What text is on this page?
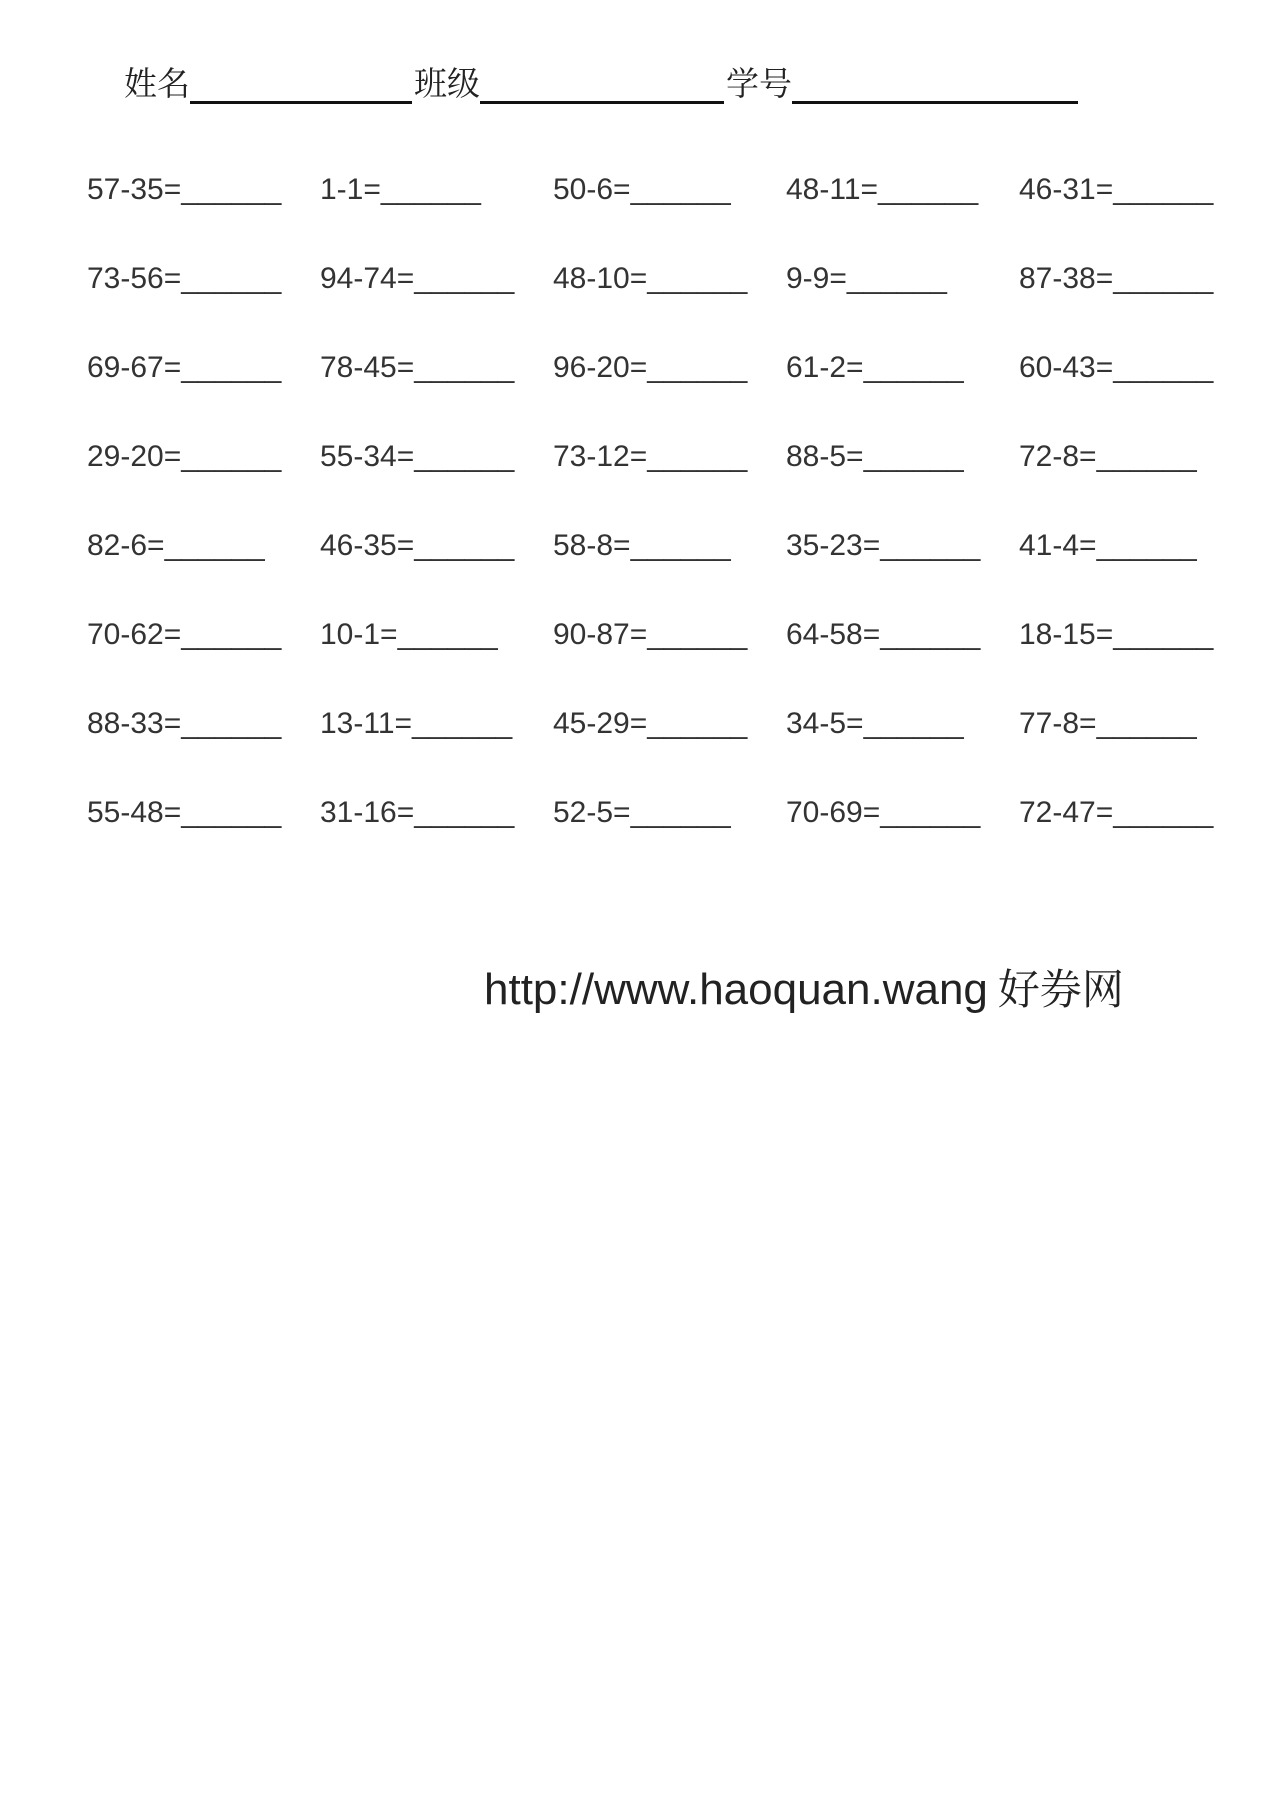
姓名	班级	学号
57-35=______ 1-1=______ 50-6=______ 48-11=______ 46-31=______
73-56=______ 94-74=______ 48-10=______ 9-9=______ 87-38=______
69-67=______ 78-45=______ 96-20=______ 61-2=______ 60-43=______
29-20=______ 55-34=______ 73-12=______ 88-5=______ 72-8=______
82-6=______ 46-35=______ 58-8=______ 35-23=______ 41-4=______
70-62=______ 10-1=______ 90-87=______ 64-58=______ 18-15=______
88-33=______ 13-11=______ 45-29=______ 34-5=______ 77-8=______
55-48=______ 31-16=______ 52-5=______ 70-69=______ 72-47=______
http://www.haoquan.wang 好券网
